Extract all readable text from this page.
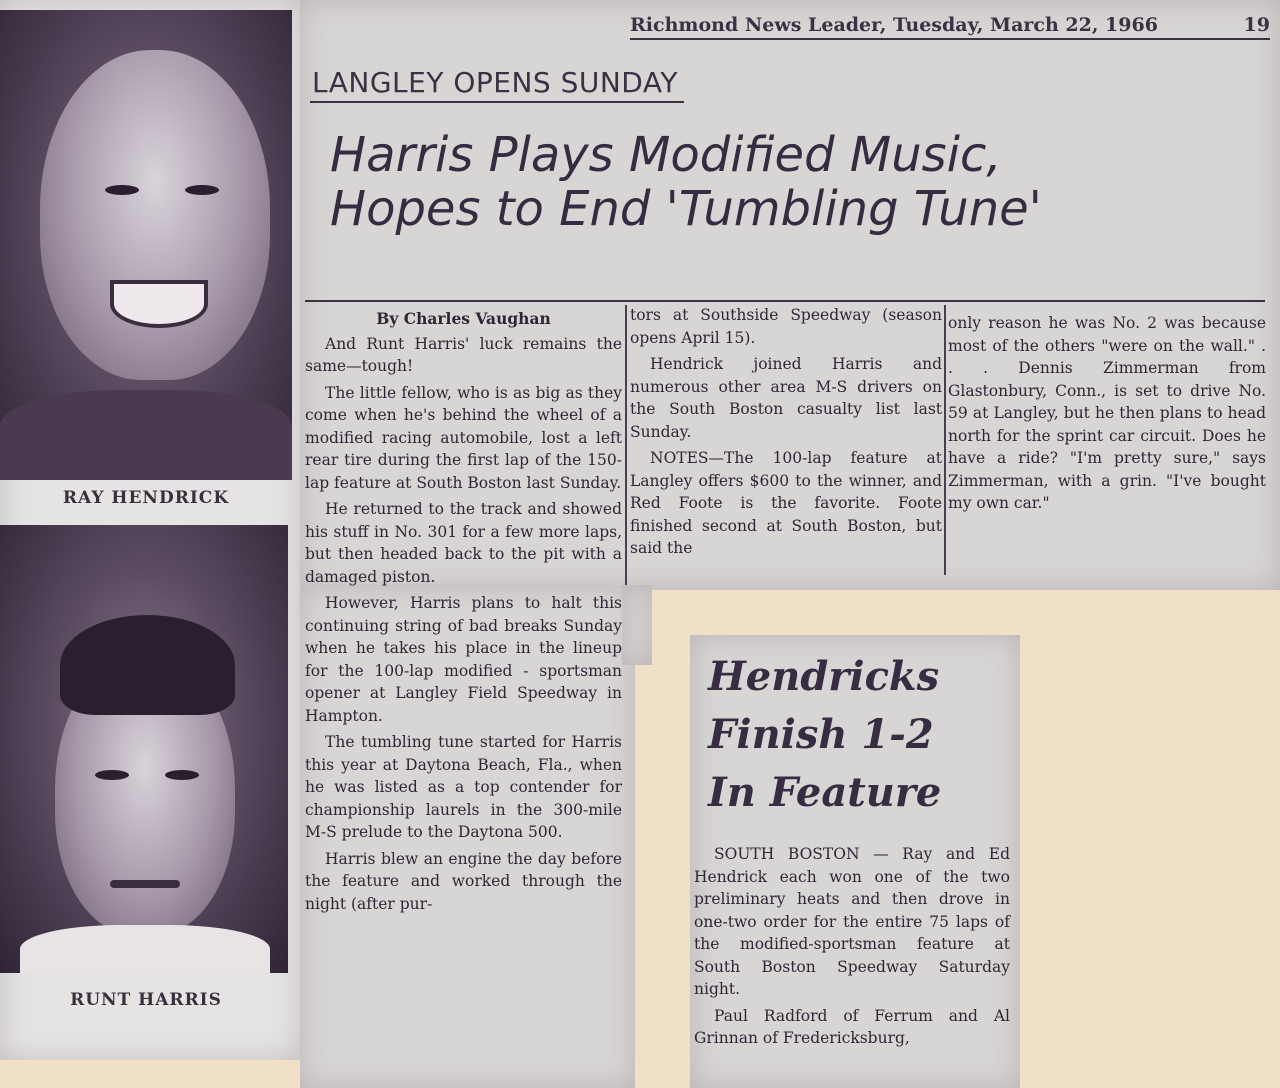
RAY HENDRICK
RUNT HARRIS
Richmond News Leader, Tuesday, March 22, 1966	19
LANGLEY OPENS SUNDAY
Harris Plays Modified Music,
Hopes to End 'Tumbling Tune'

By Charles Vaughan

And Runt Harris' luck remains the same—tough!

The little fellow, who is as big as they come when he's behind the wheel of a modified racing automobile, lost a left rear tire during the first lap of the 150-lap feature at South Boston last Sunday.

He returned to the track and showed his stuff in No. 301 for a few more laps, but then headed back to the pit with a damaged piston.

However, Harris plans to halt this continuing string of bad breaks Sunday when he takes his place in the lineup for the 100-lap modified - sportsman opener at Langley Field Speedway in Hampton.

The tumbling tune started for Harris this year at Daytona Beach, Fla., when he was listed as a top contender for championship laurels in the 300-mile M-S prelude to the Daytona 500.

Harris blew an engine the day before the feature and worked through the night (after pur-

tors at Southside Speedway (season opens April 15).

Hendrick joined Harris and numerous other area M-S drivers on the South Boston casualty list last Sunday.

NOTES—The 100-lap feature at Langley offers $600 to the winner, and Red Foote is the favorite. Foote finished second at South Boston, but said the

only reason he was No. 2 was because most of the others "were on the wall." . . . Dennis Zimmerman from Glastonbury, Conn., is set to drive No. 59 at Langley, but he then plans to head north for the sprint car circuit. Does he have a ride? "I'm pretty sure," says Zimmerman, with a grin. "I've bought my own car."

Hendricks
Finish 1-2
In Feature

SOUTH BOSTON — Ray and Ed Hendrick each won one of the two preliminary heats and then drove in one-two order for the entire 75 laps of the modified-sportsman feature at South Boston Speedway Saturday night.

Paul Radford of Ferrum and Al Grinnan of Fredericksburg,
